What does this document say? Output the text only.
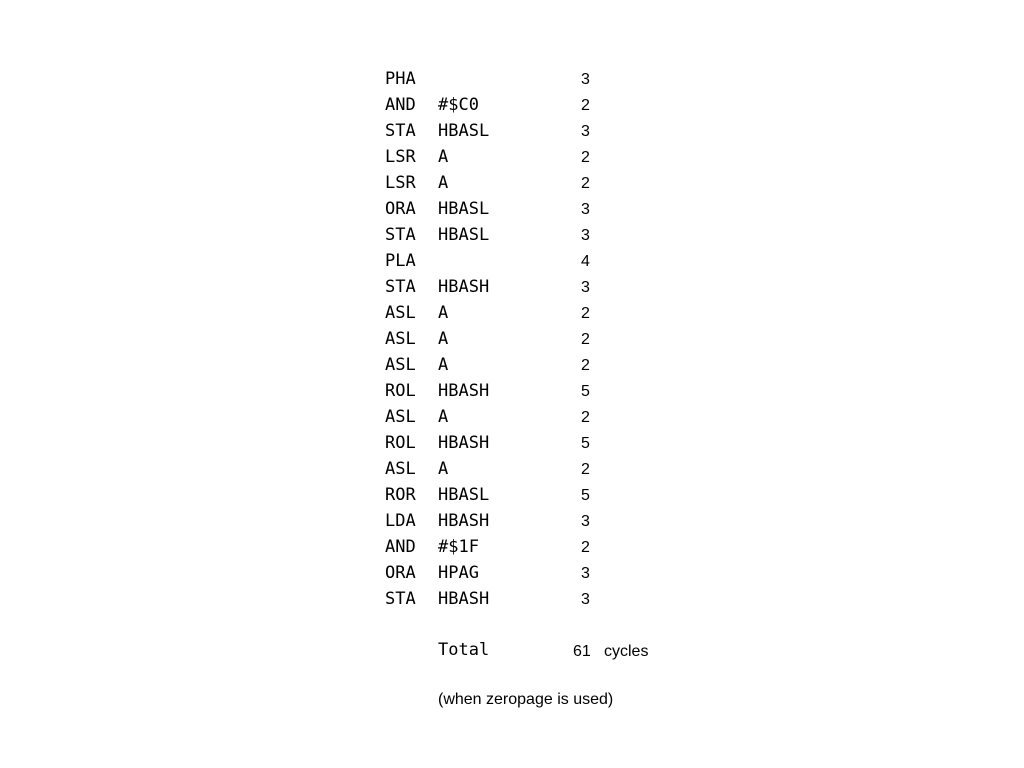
PHA	3
AND #$C0	2
STA HBASL	3
LSR A	2
LSR A	2
ORA HBASL	3
STA HBASL	3
PLA	4
STA HBASH	3
ASL A	2
ASL A	2
ASL A	2
ROL HBASH	5
ASL A	2
ROL HBASH	5
ASL A	2
ROR HBASL	5
LDA HBASH	3
AND #$1F	2
ORA HPAG	3
STA HBASH	3
Total	61 cycles
(when zeropage is used)
